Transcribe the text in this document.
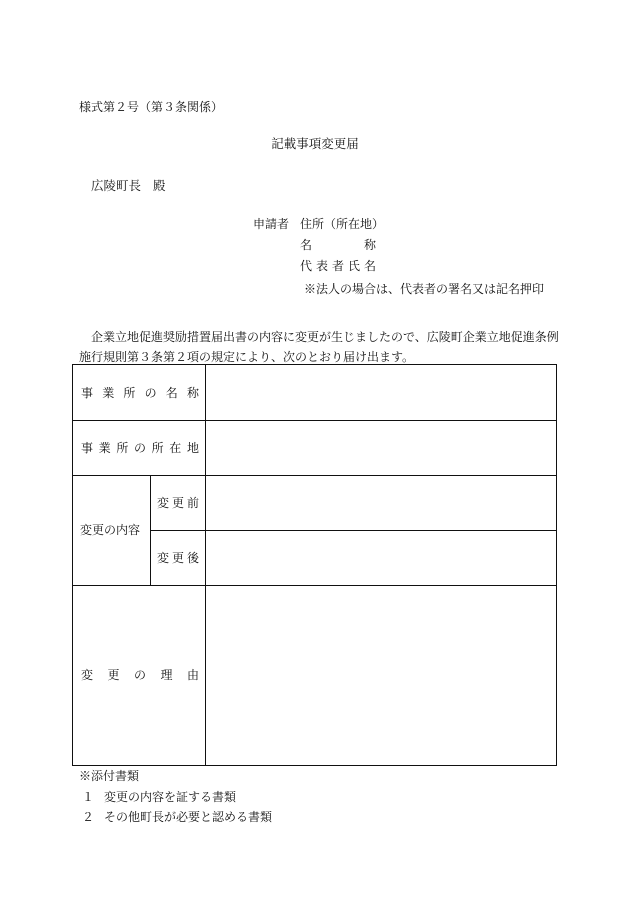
様式第２号（第３条関係）
記載事項変更届
広陵町長 殿
申請者 住所（所在地）
名	称
代 表 者 氏 名
※法人の場合は、代表者の署名又は記名押印
企業立地促進奨励措置届出書の内容に変更が生じましたので、広陵町企業立地促進条例
施行規則第３条第２項の規定により、次のとおり届け出ます。
事 業 所 の 名 称
事 業 所 の 所 在 地
変更の内容
変 更 前
変 更 後
変 更 の 理 由
※添付書類
１ 変更の内容を証する書類
２ その他町長が必要と認める書類
